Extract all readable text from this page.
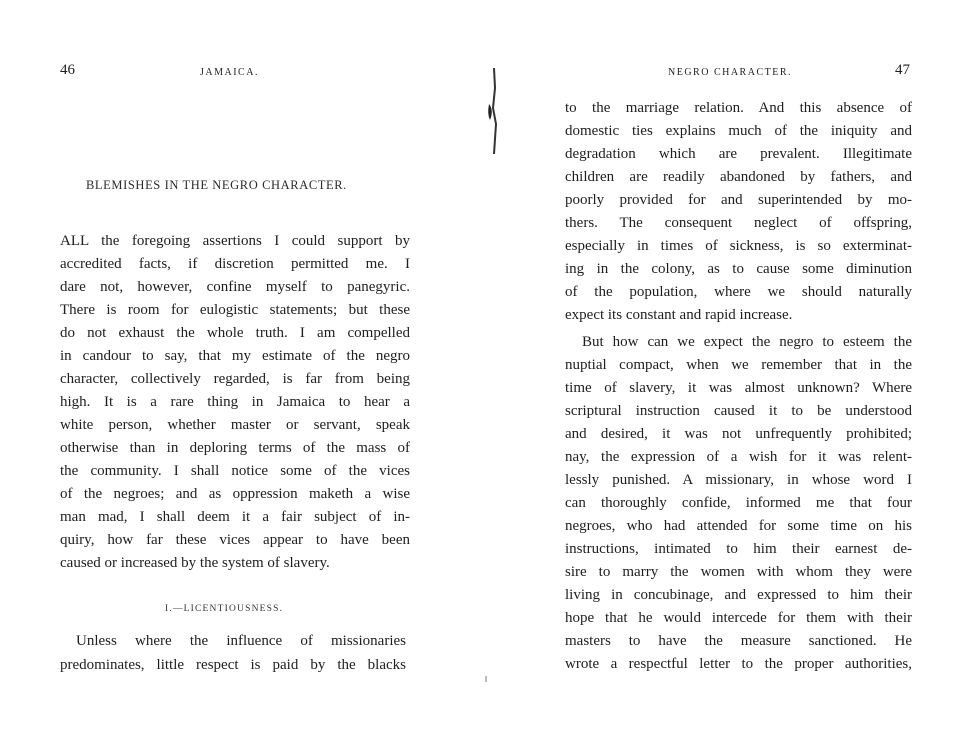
46	JAMAICA.
BLEMISHES IN THE NEGRO CHARACTER.
ALL the foregoing assertions I could support by
accredited facts, if discretion permitted me. I
dare not, however, confine myself to panegyric.
There is room for eulogistic statements; but these
do not exhaust the whole truth. I am compelled
in candour to say, that my estimate of the negro
character, collectively regarded, is far from being
high. It is a rare thing in Jamaica to hear a
white person, whether master or servant, speak
otherwise than in deploring terms of the mass of
the community. I shall notice some of the vices
of the negroes; and as oppression maketh a wise
man mad, I shall deem it a fair subject of in-
quiry, how far these vices appear to have been
caused or increased by the system of slavery.
I.—LICENTIOUSNESS.
Unless where the influence of missionaries
predominates, little respect is paid by the blacks
NEGRO CHARACTER.	47
to the marriage relation. And this absence of
domestic ties explains much of the iniquity and
degradation which are prevalent. Illegitimate
children are readily abandoned by fathers, and
poorly provided for and superintended by mo-
thers. The consequent neglect of offspring,
especially in times of sickness, is so exterminat-
ing in the colony, as to cause some diminution
of the population, where we should naturally
expect its constant and rapid increase.
But how can we expect the negro to esteem the
nuptial compact, when we remember that in the
time of slavery, it was almost unknown? Where
scriptural instruction caused it to be understood
and desired, it was not unfrequently prohibited;
nay, the expression of a wish for it was relent-
lessly punished. A missionary, in whose word I
can thoroughly confide, informed me that four
negroes, who had attended for some time on his
instructions, intimated to him their earnest de-
sire to marry the women with whom they were
living in concubinage, and expressed to him their
hope that he would intercede for them with their
masters to have the measure sanctioned. He
wrote a respectful letter to the proper authorities,
